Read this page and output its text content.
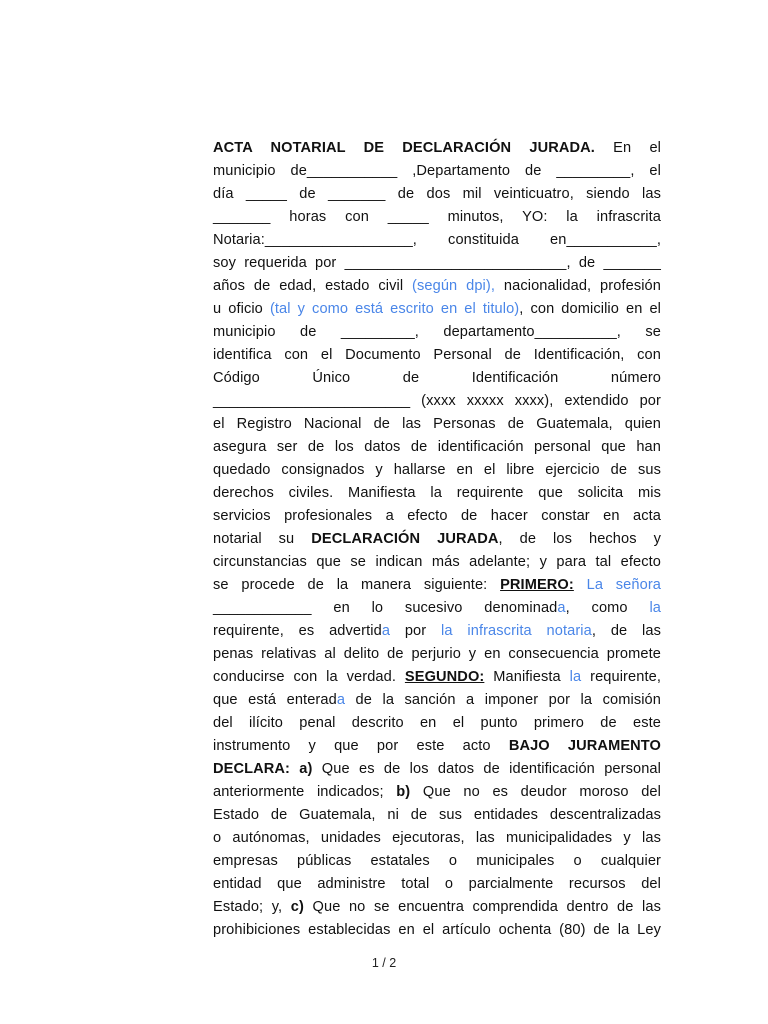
ACTA NOTARIAL DE DECLARACIÓN JURADA. En el
municipio de___________ ,Departamento de _________, el
día _____ de _______ de dos mil veinticuatro, siendo las
_______ horas con _____ minutos, YO: la infrascrita
Notaria:__________________, constituida en___________,
soy requerida por ___________________________, de _______
años de edad, estado civil (según dpi), nacionalidad, profesión
u oficio (tal y como está escrito en el titulo), con domicilio en el
municipio de _________, departamento__________, se
identifica con el Documento Personal de Identificación, con
Código Único de Identificación número
________________________ (xxxx xxxxx xxxx), extendido por
el Registro Nacional de las Personas de Guatemala, quien
asegura ser de los datos de identificación personal que han
quedado consignados y hallarse en el libre ejercicio de sus
derechos civiles. Manifiesta la requirente que solicita mis
servicios profesionales a efecto de hacer constar en acta
notarial su DECLARACIÓN JURADA, de los hechos y
circunstancias que se indican más adelante; y para tal efecto
se procede de la manera siguiente: PRIMERO: La señora
____________ en lo sucesivo denominada, como la
requirente, es advertida por la infrascrita notaria, de las
penas relativas al delito de perjurio y en consecuencia promete
conducirse con la verdad. SEGUNDO: Manifiesta la requirente,
que está enterada de la sanción a imponer por la comisión
del ilícito penal descrito en el punto primero de este
instrumento y que por este acto BAJO JURAMENTO
DECLARA: a) Que es de los datos de identificación personal
anteriormente indicados; b) Que no es deudor moroso del
Estado de Guatemala, ni de sus entidades descentralizadas
o autónomas, unidades ejecutoras, las municipalidades y las
empresas públicas estatales o municipales o cualquier
entidad que administre total o parcialmente recursos del
Estado; y, c) Que no se encuentra comprendida dentro de las
prohibiciones establecidas en el artículo ochenta (80) de la Ley
1 / 2
